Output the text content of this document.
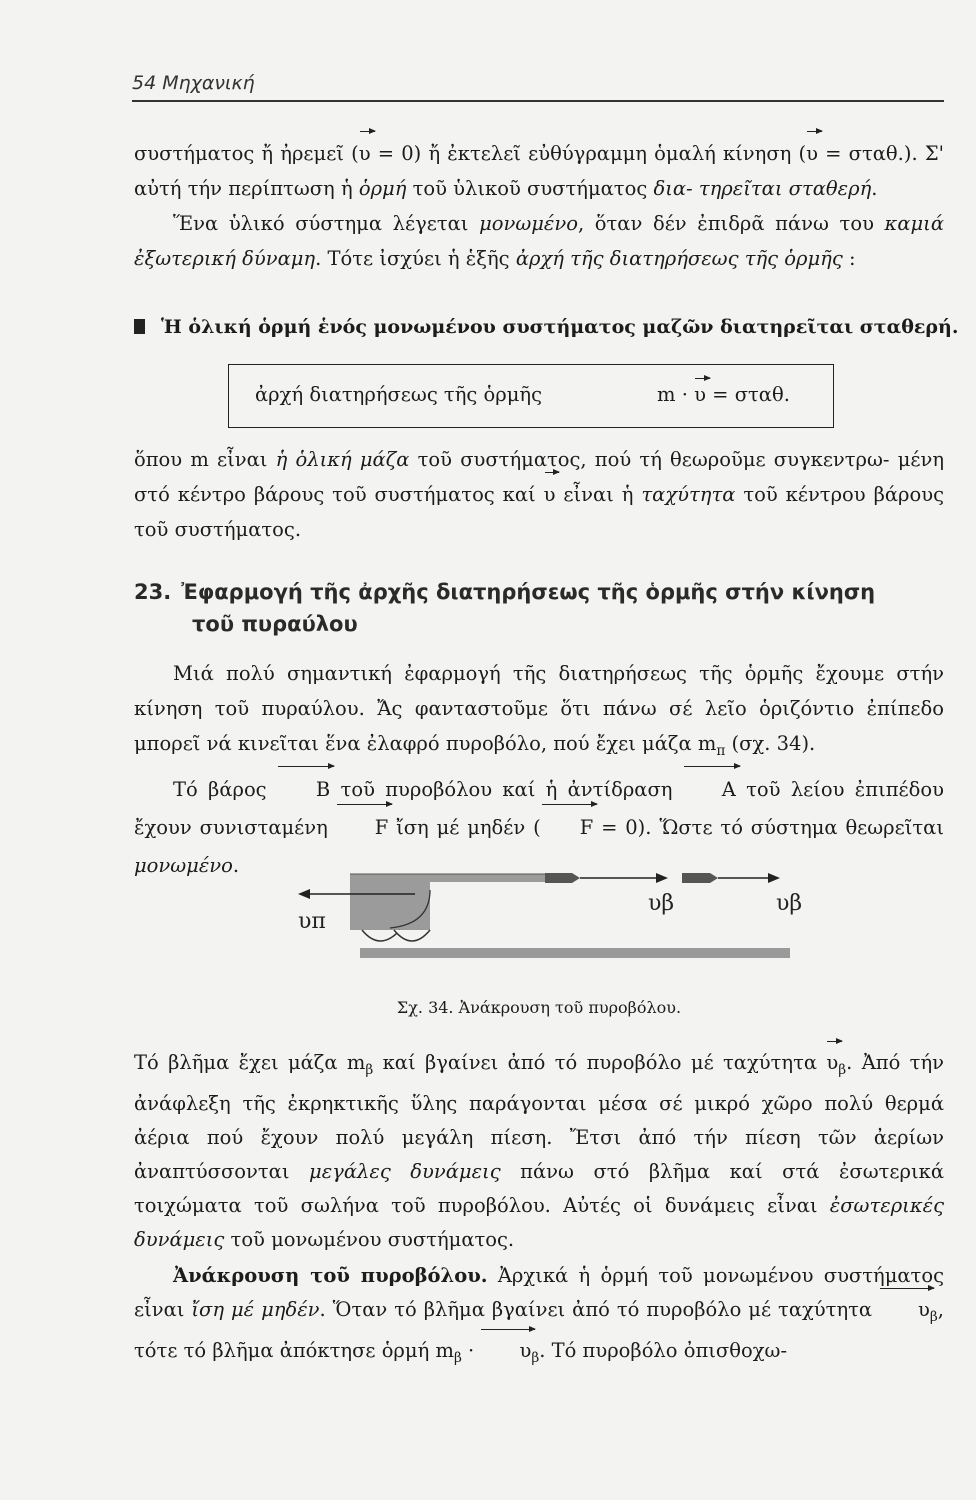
54 Μηχανική

συστήματος ἤ ἠρεμεῖ (υ = 0) ἤ ἐκτελεῖ εὐθύγραμμη ὁμαλή κίνηση (υ = σταθ.). Σ' αὐτή τήν περίπτωση ἡ ὁρμή τοῦ ὑλικοῦ συστήματος δια- τηρεῖται σταθερή.

Ἕνα ὑλικό σύστημα λέγεται μονωμένο, ὅταν δέν ἐπιδρᾶ πάνω του καμιά ἐξωτερική δύναμη. Τότε ἰσχύει ἡ ἑξῆς ἀρχή τῆς διατηρήσεως τῆς ὁρμῆς :

Ἡ ὁλική ὁρμή ἑνός μονωμένου συστήματος μαζῶν διατηρεῖται σταθερή.
ἀρχή διατηρήσεως τῆς ὁρμῆς	m · υ = σταθ.

ὅπου m εἶναι ἡ ὁλική μάζα τοῦ συστήματος, πού τή θεωροῦμε συγκεντρω- μένη στό κέντρο βάρους τοῦ συστήματος καί υ εἶναι ἡ ταχύτητα τοῦ κέντρου βάρους τοῦ συστήματος.

23. Ἐφαρμογή τῆς ἀρχῆς διατηρήσεως τῆς ὁρμῆς στήν κίνηση
τοῦ πυραύλου

Μιά πολύ σημαντική ἐφαρμογή τῆς διατηρήσεως τῆς ὁρμῆς ἔχουμε στήν κίνηση τοῦ πυραύλου. Ἄς φανταστοῦμε ὅτι πάνω σέ λεῖο ὁριζόντιο ἐπίπεδο μπορεῖ νά κινεῖται ἕνα ἐλαφρό πυροβόλο, πού ἔχει μάζα $m_\pi$ (σχ. 34).

Τό βάρος B τοῦ πυροβόλου καί ἡ ἀντίδραση A τοῦ λείου ἐπιπέδου ἔχουν συνισταμένη F ἴση μέ μηδέν ( F = 0). Ὥστε τό σύστημα θεωρεῖται μονωμένο.

υπ
υβ	υβ
Σχ. 34. Ἀνάκρουση τοῦ πυροβόλου.

Τό βλῆμα ἔχει μάζα $m_\beta$ καί βγαίνει ἀπό τό πυροβόλο μέ ταχύτητα $\upsilon_\beta$. Ἀπό τήν ἀνάφλεξη τῆς ἐκρηκτικῆς ὕλης παράγονται μέσα σέ μικρό χῶρο πολύ θερμά ἀέρια πού ἔχουν πολύ μεγάλη πίεση. Ἔτσι ἀπό τήν πίεση τῶν ἀερίων ἀναπτύσσονται μεγάλες δυνάμεις πάνω στό βλῆμα καί στά ἐσωτερικά τοιχώματα τοῦ σωλήνα τοῦ πυροβόλου. Αὐτές οἱ δυνάμεις εἶναι ἐσωτερικές δυνάμεις τοῦ μονωμένου συστήματος.

Ἀνάκρουση τοῦ πυροβόλου. Ἀρχικά ἡ ὁρμή τοῦ μονωμένου συστήματος εἶναι ἴση μέ μηδέν. Ὅταν τό βλῆμα βγαίνει ἀπό τό πυροβόλο μέ ταχύτητα $\upsilon_\beta$, τότε τό βλῆμα ἀπόκτησε ὁρμή $m_\beta \cdot \upsilon_\beta$. Τό πυροβόλο ὀπισθοχω-
